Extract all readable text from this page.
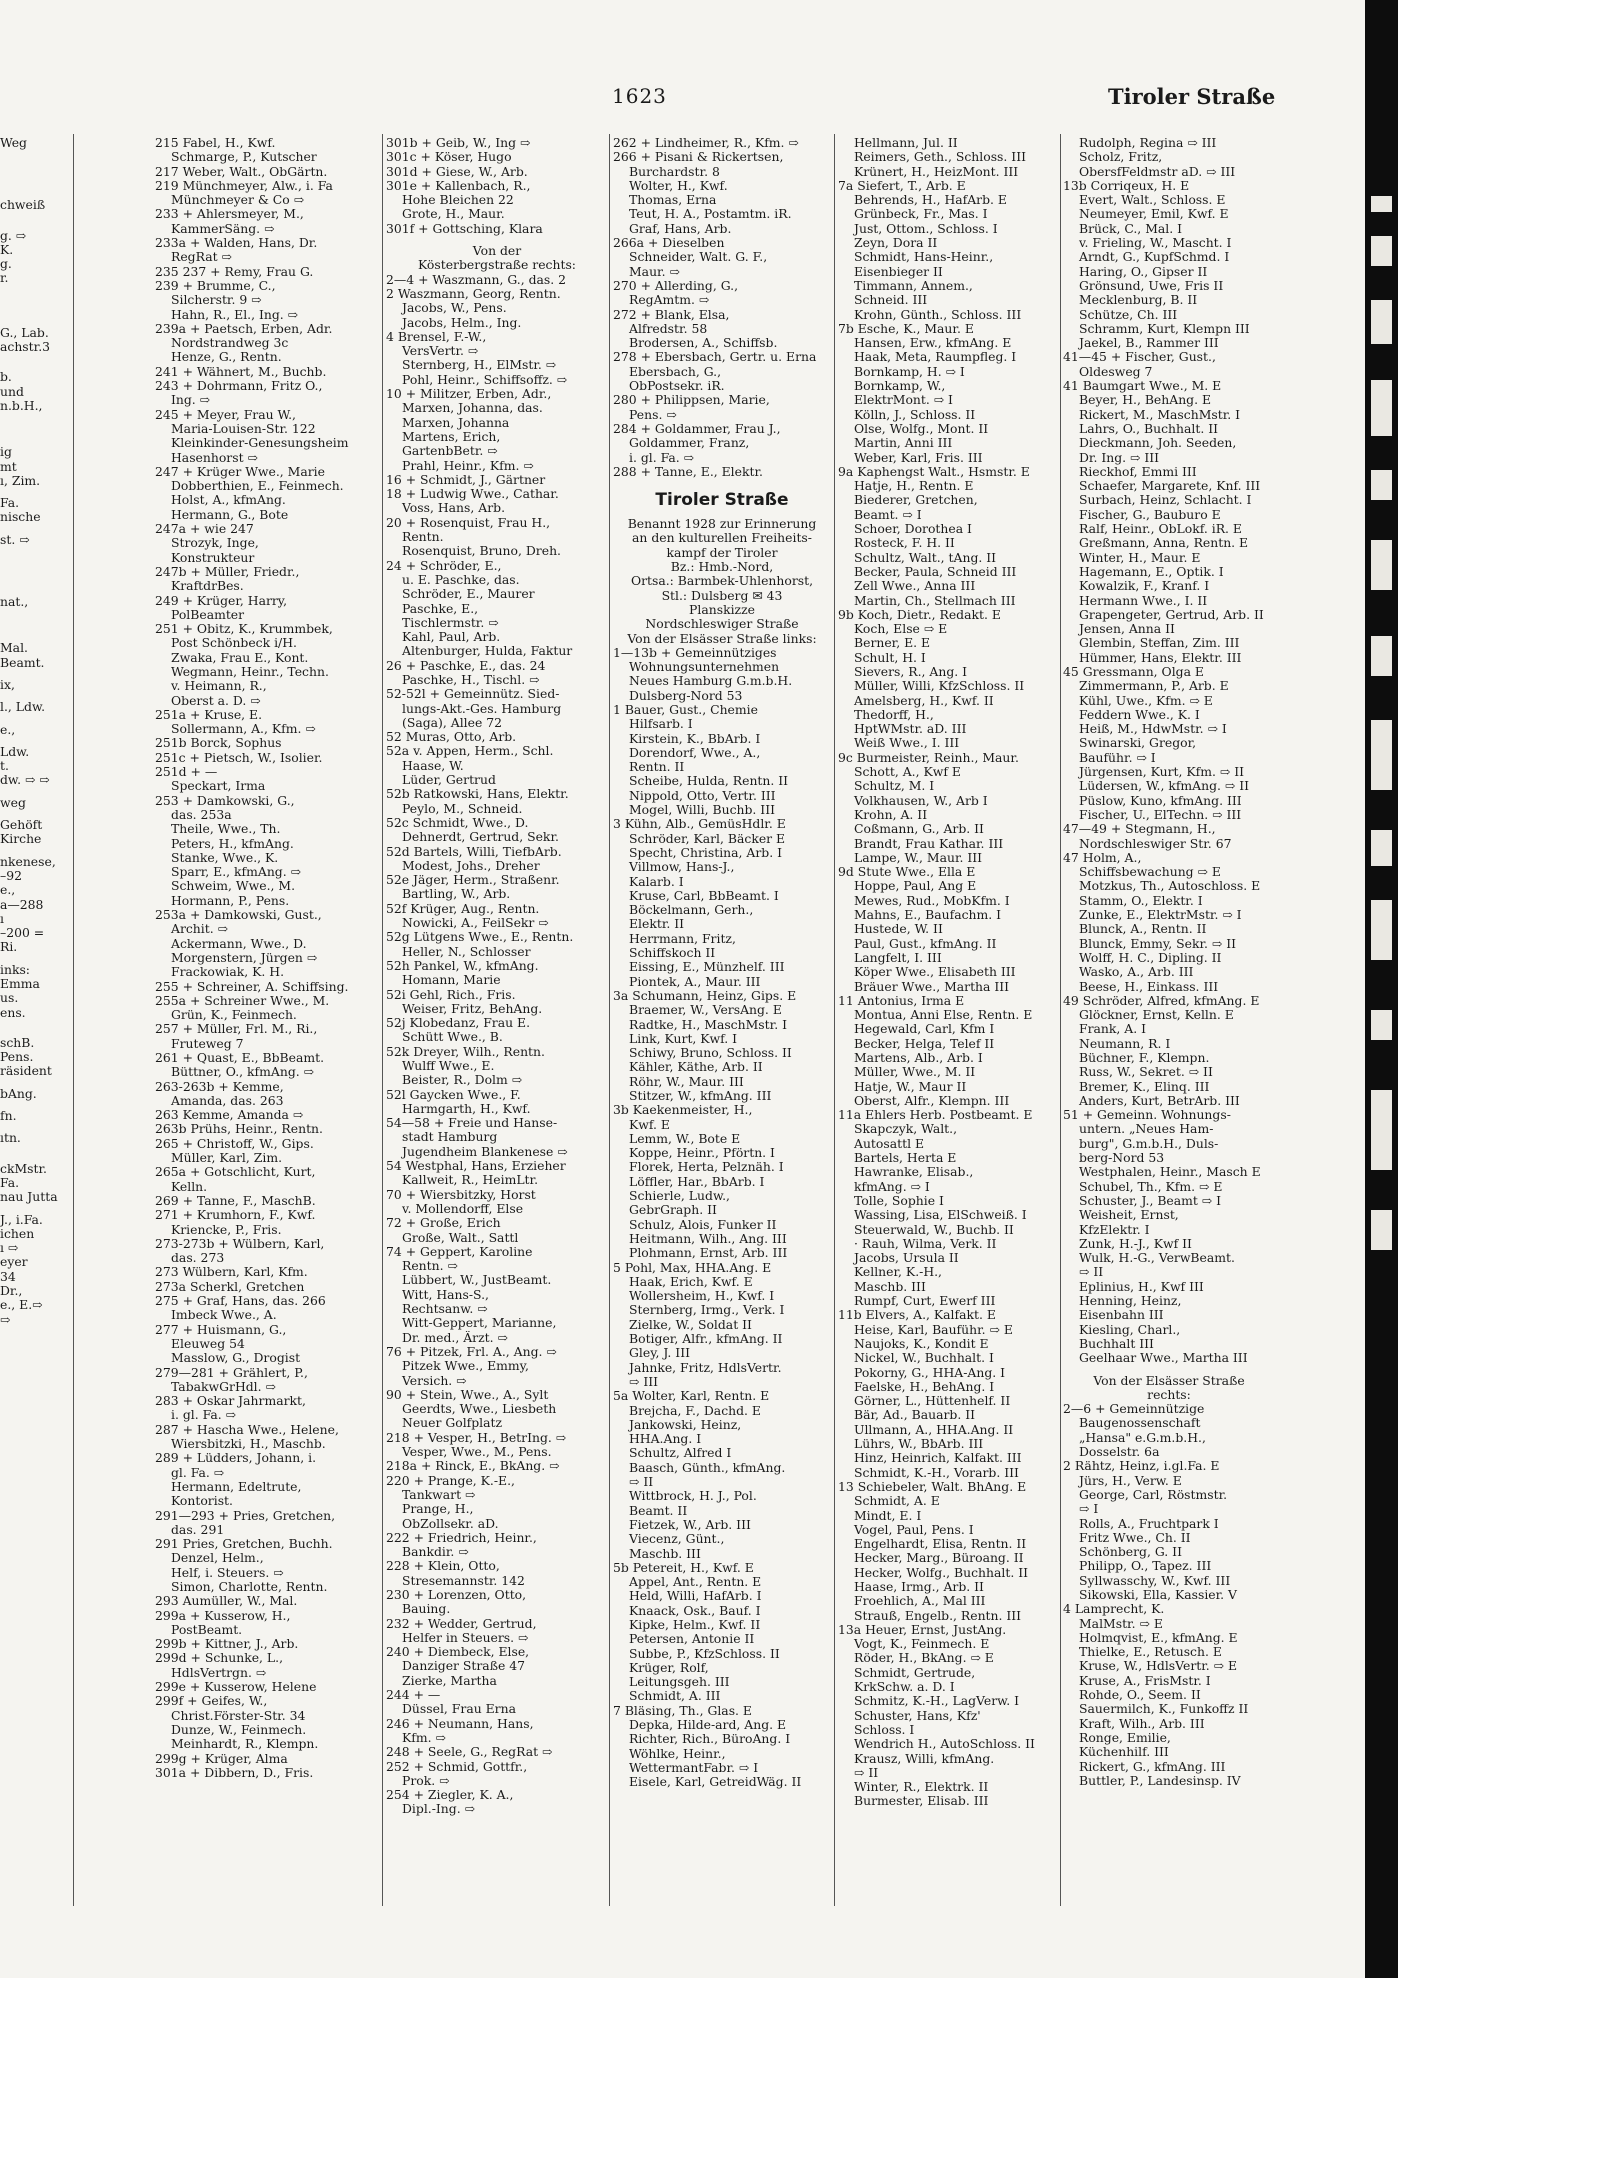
1623	Tiroler Straße

Weg

chweiß

g. ⇨

K.

g.

r.

G., Lab.

achstr.3

b.

und

n.b.H.,

ig

mt

ı, Zim.

Fa.

nische

st. ⇨

nat.,

Mal.

Beamt.

ix,

l., Ldw.

e.,

Ldw.

t.

dw. ⇨ ⇨

weg

Gehöft

Kirche

nkenese,

–92

e.,

a—288

ı

–200 =

Ri.

inks:

Emma

us.

ens.

schB.

Pens.

räsident

bAng.

fn.

ıtn.

ckMstr.

Fa.

nau Jutta

J., i.Fa.

ichen

ı ⇨

eyer

34

Dr.,

e., E.⇨

⇨

215 Fabel, H., Kwf.

Schmarge, P., Kutscher

217 Weber, Walt., ObGärtn.

219 Münchmeyer, Alw., i. Fa

Münchmeyer & Co ⇨

233 + Ahlersmeyer, M.,

KammerSäng. ⇨

233a + Walden, Hans, Dr.

RegRat ⇨

235 237 + Remy, Frau G.

239 + Brumme, C.,

Silcherstr. 9 ⇨

Hahn, R., El., Ing. ⇨

239a + Paetsch, Erben, Adr.

Nordstrandweg 3c

Henze, G., Rentn.

241 + Wähnert, M., Buchb.

243 + Dohrmann, Fritz O.,

Ing. ⇨

245 + Meyer, Frau W.,

Maria-Louisen-Str. 122

Kleinkinder-Genesungsheim

Hasenhorst ⇨

247 + Krüger Wwe., Marie

Dobberthien, E., Feinmech.

Holst, A., kfmAng.

Hermann, G., Bote

247a + wie 247

Strozyk, Inge,

Konstrukteur

247b + Müller, Friedr.,

KraftdrBes.

249 + Krüger, Harry,

PolBeamter

251 + Obitz, K., Krummbek,

Post Schönbeck i/H.

Zwaka, Frau E., Kont.

Wegmann, Heinr., Techn.

v. Heimann, R.,

Oberst a. D. ⇨

251a + Kruse, E.

Sollermann, A., Kfm. ⇨

251b Borck, Sophus

251c + Pietsch, W., Isolier.

251d + —

Speckart, Irma

253 + Damkowski, G.,

das. 253a

Theile, Wwe., Th.

Peters, H., kfmAng.

Stanke, Wwe., K.

Sparr, E., kfmAng. ⇨

Schweim, Wwe., M.

Hormann, P., Pens.

253a + Damkowski, Gust.,

Archit. ⇨

Ackermann, Wwe., D.

Morgenstern, Jürgen ⇨

Frackowiak, K. H.

255 + Schreiner, A. Schiffsing.

255a + Schreiner Wwe., M.

Grün, K., Feinmech.

257 + Müller, Frl. M., Ri.,

Fruteweg 7

261 + Quast, E., BbBeamt.

Büttner, O., kfmAng. ⇨

263-263b + Kemme,

Amanda, das. 263

263 Kemme, Amanda ⇨

263b Prühs, Heinr., Rentn.

265 + Christoff, W., Gips.

Müller, Karl, Zim.

265a + Gotschlicht, Kurt,

Kelln.

269 + Tanne, F., MaschB.

271 + Krumhorn, F., Kwf.

Kriencke, P., Fris.

273-273b + Wülbern, Karl,

das. 273

273 Wülbern, Karl, Kfm.

273a Scherkl, Gretchen

275 + Graf, Hans, das. 266

Imbeck Wwe., A.

277 + Huismann, G.,

Eleuweg 54

Masslow, G., Drogist

279—281 + Grählert, P.,

TabakwGrHdl. ⇨

283 + Oskar Jahrmarkt,

i. gl. Fa. ⇨

287 + Hascha Wwe., Helene,

Wiersbitzki, H., Maschb.

289 + Lüdders, Johann, i.

gl. Fa. ⇨

Hermann, Edeltrute,

Kontorist.

291—293 + Pries, Gretchen,

das. 291

291 Pries, Gretchen, Buchh.

Denzel, Helm.,

Helf, i. Steuers. ⇨

Simon, Charlotte, Rentn.

293 Aumüller, W., Mal.

299a + Kusserow, H.,

PostBeamt.

299b + Kittner, J., Arb.

299d + Schunke, L.,

HdlsVertrgn. ⇨

299e + Kusserow, Helene

299f + Geifes, W.,

Christ.Förster-Str. 34

Dunze, W., Feinmech.

Meinhardt, R., Klempn.

299g + Krüger, Alma

301a + Dibbern, D., Fris.

301b + Geib, W., Ing ⇨

301c + Köser, Hugo

301d + Giese, W., Arb.

301e + Kallenbach, R.,

Hohe Bleichen 22

Grote, H., Maur.

301f + Gottsching, Klara

Von der

Kösterbergstraße rechts:

2—4 + Waszmann, G., das. 2

2 Waszmann, Georg, Rentn.

Jacobs, W., Pens.

Jacobs, Helm., Ing.

4 Brensel, F.-W.,

VersVertr. ⇨

Sternberg, H., ElMstr. ⇨

Pohl, Heinr., Schiffsoffz. ⇨

10 + Militzer, Erben, Adr.,

Marxen, Johanna, das.

Marxen, Johanna

Martens, Erich,

GartenbBetr. ⇨

Prahl, Heinr., Kfm. ⇨

16 + Schmidt, J., Gärtner

18 + Ludwig Wwe., Cathar.

Voss, Hans, Arb.

20 + Rosenquist, Frau H.,

Rentn.

Rosenquist, Bruno, Dreh.

24 + Schröder, E.,

u. E. Paschke, das.

Schröder, E., Maurer

Paschke, E.,

Tischlermstr. ⇨

Kahl, Paul, Arb.

Altenburger, Hulda, Faktur

26 + Paschke, E., das. 24

Paschke, H., Tischl. ⇨

52-52l + Gemeinnütz. Sied-

lungs-Akt.-Ges. Hamburg

(Saga), Allee 72

52 Muras, Otto, Arb.

52a v. Appen, Herm., Schl.

Haase, W.

Lüder, Gertrud

52b Ratkowski, Hans, Elektr.

Peylo, M., Schneid.

52c Schmidt, Wwe., D.

Dehnerdt, Gertrud, Sekr.

52d Bartels, Willi, TiefbArb.

Modest, Johs., Dreher

52e Jäger, Herm., Straßenr.

Bartling, W., Arb.

52f Krüger, Aug., Rentn.

Nowicki, A., FeilSekr ⇨

52g Lütgens Wwe., E., Rentn.

Heller, N., Schlosser

52h Pankel, W., kfmAng.

Homann, Marie

52i Gehl, Rich., Fris.

Weiser, Fritz, BehAng.

52j Klobedanz, Frau E.

Schütt Wwe., B.

52k Dreyer, Wilh., Rentn.

Wulff Wwe., E.

Beister, R., Dolm ⇨

52l Gaycken Wwe., F.

Harmgarth, H., Kwf.

54—58 + Freie und Hanse-

stadt Hamburg

Jugendheim Blankenese ⇨

54 Westphal, Hans, Erzieher

Kallweit, R., HeimLtr.

70 + Wiersbitzky, Horst

v. Mollendorff, Else

72 + Große, Erich

Große, Walt., Sattl

74 + Geppert, Karoline

Rentn. ⇨

Lübbert, W., JustBeamt.

Witt, Hans-S.,

Rechtsanw. ⇨

Witt-Geppert, Marianne,

Dr. med., Ärzt. ⇨

76 + Pitzek, Frl. A., Ang. ⇨

Pitzek Wwe., Emmy,

Versich. ⇨

90 + Stein, Wwe., A., Sylt

Geerdts, Wwe., Liesbeth

Neuer Golfplatz

218 + Vesper, H., BetrIng. ⇨

Vesper, Wwe., M., Pens.

218a + Rinck, E., BkAng. ⇨

220 + Prange, K.-E.,

Tankwart ⇨

Prange, H.,

ObZollsekr. aD.

222 + Friedrich, Heinr.,

Bankdir. ⇨

228 + Klein, Otto,

Stresemannstr. 142

230 + Lorenzen, Otto,

Bauing.

232 + Wedder, Gertrud,

Helfer in Steuers. ⇨

240 + Diembeck, Else,

Danziger Straße 47

Zierke, Martha

244 + —

Düssel, Frau Erna

246 + Neumann, Hans,

Kfm. ⇨

248 + Seele, G., RegRat ⇨

252 + Schmid, Gottfr.,

Prok. ⇨

254 + Ziegler, K. A.,

Dipl.-Ing. ⇨

262 + Lindheimer, R., Kfm. ⇨

266 + Pisani & Rickertsen,

Burchardstr. 8

Wolter, H., Kwf.

Thomas, Erna

Teut, H. A., Postamtm. iR.

Graf, Hans, Arb.

266a + Dieselben

Schneider, Walt. G. F.,

Maur. ⇨

270 + Allerding, G.,

RegAmtm. ⇨

272 + Blank, Elsa,

Alfredstr. 58

Brodersen, A., Schiffsb.

278 + Ebersbach, Gertr. u. Erna

Ebersbach, G.,

ObPostsekr. iR.

280 + Philippsen, Marie,

Pens. ⇨

284 + Goldammer, Frau J.,

Goldammer, Franz,

i. gl. Fa. ⇨

288 + Tanne, E., Elektr.

Tiroler Straße

Benannt 1928 zur Erinnerung

an den kulturellen Freiheits-

kampf der Tiroler

Bz.: Hmb.-Nord,

Ortsa.: Barmbek-Uhlenhorst,

Stl.: Dulsberg ✉ 43

Planskizze

Nordschleswiger Straße

Von der Elsässer Straße links:

1—13b + Gemeinnütziges

Wohnungsunternehmen

Neues Hamburg G.m.b.H.

Dulsberg-Nord 53

1 Bauer, Gust., Chemie

Hilfsarb. I

Kirstein, K., BbArb. I

Dorendorf, Wwe., A.,

Rentn. II

Scheibe, Hulda, Rentn. II

Nippold, Otto, Vertr. III

Mogel, Willi, Buchb. III

3 Kühn, Alb., GemüsHdlr. E

Schröder, Karl, Bäcker E

Specht, Christina, Arb. I

Villmow, Hans-J.,

Kalarb. I

Kruse, Carl, BbBeamt. I

Böckelmann, Gerh.,

Elektr. II

Herrmann, Fritz,

Schiffskoch II

Eissing, E., Münzhelf. III

Piontek, A., Maur. III

3a Schumann, Heinz, Gips. E

Braemer, W., VersAng. E

Radtke, H., MaschMstr. I

Link, Kurt, Kwf. I

Schiwy, Bruno, Schloss. II

Kähler, Käthe, Arb. II

Röhr, W., Maur. III

Stitzer, W., kfmAng. III

3b Kaekenmeister, H.,

Kwf. E

Lemm, W., Bote E

Koppe, Heinr., Pförtn. I

Florek, Herta, Pelznäh. I

Löffler, Har., BbArb. I

Schierle, Ludw.,

GebrGraph. II

Schulz, Alois, Funker II

Heitmann, Wilh., Ang. III

Plohmann, Ernst, Arb. III

5 Pohl, Max, HHA.Ang. E

Haak, Erich, Kwf. E

Wollersheim, H., Kwf. I

Sternberg, Irmg., Verk. I

Zielke, W., Soldat II

Botiger, Alfr., kfmAng. II

Gley, J. III

Jahnke, Fritz, HdlsVertr.

⇨ III

5a Wolter, Karl, Rentn. E

Brejcha, F., Dachd. E

Jankowski, Heinz,

HHA.Ang. I

Schultz, Alfred I

Baasch, Günth., kfmAng.

⇨ II

Wittbrock, H. J., Pol.

Beamt. II

Fietzek, W., Arb. III

Viecenz, Günt.,

Maschb. III

5b Petereit, H., Kwf. E

Appel, Ant., Rentn. E

Held, Willi, HafArb. I

Knaack, Osk., Bauf. I

Kipke, Helm., Kwf. II

Petersen, Antonie II

Subbe, P., KfzSchloss. II

Krüger, Rolf,

Leitungsgeh. III

Schmidt, A. III

7 Bläsing, Th., Glas. E

Depka, Hilde-ard, Ang. E

Richter, Rich., BüroAng. I

Wöhlke, Heinr.,

WettermantFabr. ⇨ I

Eisele, Karl, GetreidWäg. II

Hellmann, Jul. II

Reimers, Geth., Schloss. III

Krünert, H., HeizMont. III

7a Siefert, T., Arb. E

Behrends, H., HafArb. E

Grünbeck, Fr., Mas. I

Just, Ottom., Schloss. I

Zeyn, Dora II

Schmidt, Hans-Heinr.,

Eisenbieger II

Timmann, Annem.,

Schneid. III

Krohn, Günth., Schloss. III

7b Esche, K., Maur. E

Hansen, Erw., kfmAng. E

Haak, Meta, Raumpfleg. I

Bornkamp, H. ⇨ I

Bornkamp, W.,

ElektrMont. ⇨ I

Kölln, J., Schloss. II

Olse, Wolfg., Mont. II

Martin, Anni III

Weber, Karl, Fris. III

9a Kaphengst Walt., Hsmstr. E

Hatje, H., Rentn. E

Biederer, Gretchen,

Beamt. ⇨ I

Schoer, Dorothea I

Rosteck, F. H. II

Schultz, Walt., tAng. II

Becker, Paula, Schneid III

Zell Wwe., Anna III

Martin, Ch., Stellmach III

9b Koch, Dietr., Redakt. E

Koch, Else ⇨ E

Berner, E. E

Schult, H. I

Sievers, R., Ang. I

Müller, Willi, KfzSchloss. II

Amelsberg, H., Kwf. II

Thedorff, H.,

HptWMstr. aD. III

Weiß Wwe., I. III

9c Burmeister, Reinh., Maur.

Schott, A., Kwf E

Schultz, M. I

Volkhausen, W., Arb I

Krohn, A. II

Coßmann, G., Arb. II

Brandt, Frau Kathar. III

Lampe, W., Maur. III

9d Stute Wwe., Ella E

Hoppe, Paul, Ang E

Mewes, Rud., MobKfm. I

Mahns, E., Baufachm. I

Hustede, W. II

Paul, Gust., kfmAng. II

Langfelt, I. III

Köper Wwe., Elisabeth III

Bräuer Wwe., Martha III

11 Antonius, Irma E

Montua, Anni Else, Rentn. E

Hegewald, Carl, Kfm I

Becker, Helga, Telef II

Martens, Alb., Arb. I

Müller, Wwe., M. II

Hatje, W., Maur II

Oberst, Alfr., Klempn. III

11a Ehlers Herb. Postbeamt. E

Skapczyk, Walt.,

Autosattl E

Bartels, Herta E

Hawranke, Elisab.,

kfmAng. ⇨ I

Tolle, Sophie I

Wassing, Lisa, ElSchweiß. I

Steuerwald, W., Buchb. II

· Rauh, Wilma, Verk. II

Jacobs, Ursula II

Kellner, K.-H.,

Maschb. III

Rumpf, Curt, Ewerf III

11b Elvers, A., Kalfakt. E

Heise, Karl, Bauführ. ⇨ E

Naujoks, K., Kondit E

Nickel, W., Buchhalt. I

Pokorny, G., HHA-Ang. I

Faelske, H., BehAng. I

Görner, L., Hüttenhelf. II

Bär, Ad., Bauarb. II

Ullmann, A., HHA.Ang. II

Lührs, W., BbArb. III

Hinz, Heinrich, Kalfakt. III

Schmidt, K.-H., Vorarb. III

13 Schiebeler, Walt. BhAng. E

Schmidt, A. E

Mindt, E. I

Vogel, Paul, Pens. I

Engelhardt, Elisa, Rentn. II

Hecker, Marg., Büroang. II

Hecker, Wolfg., Buchhalt. II

Haase, Irmg., Arb. II

Froehlich, A., Mal III

Strauß, Engelb., Rentn. III

13a Heuer, Ernst, JustAng.

Vogt, K., Feinmech. E

Röder, H., BkAng. ⇨ E

Schmidt, Gertrude,

KrkSchw. a. D. I

Schmitz, K.-H., LagVerw. I

Schuster, Hans, Kfz'

Schloss. I

Wendrich H., AutoSchloss. II

Krausz, Willi, kfmAng.

⇨ II

Winter, R., Elektrk. II

Burmester, Elisab. III

Rudolph, Regina ⇨ III

Scholz, Fritz,

ObersfFeldmstr aD. ⇨ III

13b Corriqeux, H. E

Evert, Walt., Schloss. E

Neumeyer, Emil, Kwf. E

Brück, C., Mal. I

v. Frieling, W., Mascht. I

Arndt, G., KupfSchmd. I

Haring, O., Gipser II

Grönsund, Uwe, Fris II

Mecklenburg, B. II

Schütze, Ch. III

Schramm, Kurt, Klempn III

Jaekel, B., Rammer III

41—45 + Fischer, Gust.,

Oldesweg 7

41 Baumgart Wwe., M. E

Beyer, H., BehAng. E

Rickert, M., MaschMstr. I

Lahrs, O., Buchhalt. II

Dieckmann, Joh. Seeden,

Dr. Ing. ⇨ III

Rieckhof, Emmi III

Schaefer, Margarete, Knf. III

Surbach, Heinz, Schlacht. I

Fischer, G., Bauburo E

Ralf, Heinr., ObLokf. iR. E

Greßmann, Anna, Rentn. E

Winter, H., Maur. E

Hagemann, E., Optik. I

Kowalzik, F., Kranf. I

Hermann Wwe., I. II

Grapengeter, Gertrud, Arb. II

Jensen, Anna II

Glembin, Steffan, Zim. III

Hümmer, Hans, Elektr. III

45 Gressmann, Olga E

Zimmermann, P., Arb. E

Kühl, Uwe., Kfm. ⇨ E

Feddern Wwe., K. I

Heiß, M., HdwMstr. ⇨ I

Swinarski, Gregor,

Bauführ. ⇨ I

Jürgensen, Kurt, Kfm. ⇨ II

Lüdersen, W., kfmAng. ⇨ II

Püslow, Kuno, kfmAng. III

Fischer, U., ElTechn. ⇨ III

47—49 + Stegmann, H.,

Nordschleswiger Str. 67

47 Holm, A.,

Schiffsbewachung ⇨ E

Motzkus, Th., Autoschloss. E

Stamm, O., Elektr. I

Zunke, E., ElektrMstr. ⇨ I

Blunck, A., Rentn. II

Blunck, Emmy, Sekr. ⇨ II

Wolff, H. C., Dipling. II

Wasko, A., Arb. III

Beese, H., Einkass. III

49 Schröder, Alfred, kfmAng. E

Glöckner, Ernst, Kelln. E

Frank, A. I

Neumann, R. I

Büchner, F., Klempn.

Russ, W., Sekret. ⇨ II

Bremer, K., Elinq. III

Anders, Kurt, BetrArb. III

51 + Gemeinn. Wohnungs-

untern. „Neues Ham-

burg", G.m.b.H., Duls-

berg-Nord 53

Westphalen, Heinr., Masch E

Schubel, Th., Kfm. ⇨ E

Schuster, J., Beamt ⇨ I

Weisheit, Ernst,

KfzElektr. I

Zunk, H.-J., Kwf II

Wulk, H.-G., VerwBeamt.

⇨ II

Eplinius, H., Kwf III

Henning, Heinz,

Eisenbahn III

Kiesling, Charl.,

Buchhalt III

Geelhaar Wwe., Martha III

Von der Elsässer Straße

rechts:

2—6 + Gemeinnützige

Baugenossenschaft

„Hansa" e.G.m.b.H.,

Dosselstr. 6a

2 Rähtz, Heinz, i.gl.Fa. E

Jürs, H., Verw. E

George, Carl, Röstmstr.

⇨ I

Rolls, A., Fruchtpark I

Fritz Wwe., Ch. II

Schönberg, G. II

Philipp, O., Tapez. III

Syllwasschy, W., Kwf. III

Sikowski, Ella, Kassier. V

4 Lamprecht, K.

MalMstr. ⇨ E

Holmqvist, E., kfmAng. E

Thielke, E., Retusch. E

Kruse, W., HdlsVertr. ⇨ E

Kruse, A., FrisMstr. I

Rohde, O., Seem. II

Sauermilch, K., Funkoffz II

Kraft, Wilh., Arb. III

Ronge, Emilie,

Küchenhilf. III

Rickert, G., kfmAng. III

Buttler, P., Landesinsp. IV
